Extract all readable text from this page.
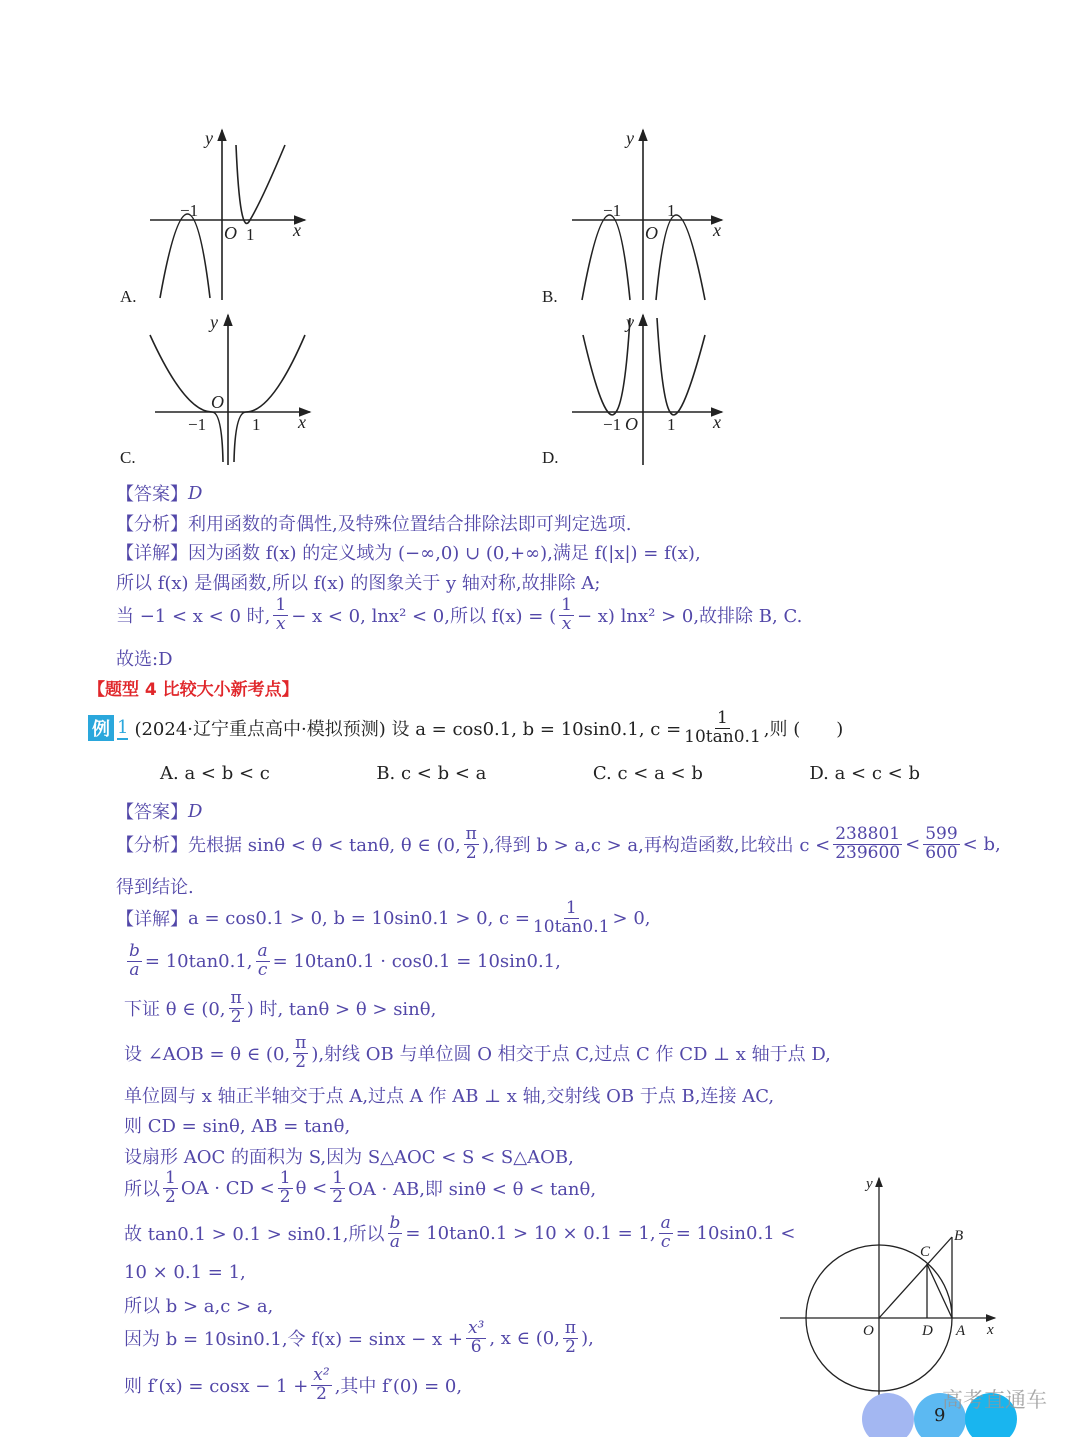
y
x
O
y
x
O
y
x
O
y
x
O
−1
1
−1	1
−1	1	−1	1
A.	B.
C.	D.
【答案】 D
【分析】 利用函数的奇偶性,及特殊位置结合排除法即可判定选项.
【详解】 因为函数 f(x) 的定义域为 (−∞,0) ∪ (0,+∞),满足 f(|x|) = f(x),
所以 f(x) 是偶函数,所以 f(x) 的图象关于 y 轴对称,故排除 A;
当 −1 < x < 0 时,
1
x − x < 0, lnx² < 0,所以 f(x) = (
1
x − x) lnx² > 0,故排除 B, C.
故选:D
【题型 4 比较大小新考点】
例 1 (2024·辽宁重点高中·模拟预测) 设 a = cos0.1, b = 10sin0.1, $c = \frac{1}{10\tan 0.1}$ ,则 (　　)
A. a < b < c	B. c < b < a	C. c < a < b	D. a < c < b
【答案】 D
【分析】 先根据 sinθ < θ < tanθ, θ ∈ (0,
π
2 ),得到 b > a,c > a,再构造函数,比较出 c <
238801
239600 < 599
600 < b,
得到结论.
【详解】 a = cos0.1 > 0, b = 10sin0.1 > 0, $c = \frac{1}{10\tan 0.1} > 0$,
$\frac{b}{a} = 10\tan 0.1$, $\frac{a}{c} = 10\tan 0.1 \cdot \cos 0.1 = 10\sin 0.1$,
下证 θ ∈ (0,
π
2 ) 时, tanθ > θ > sinθ,
设 ∠AOB = θ ∈ (0,
π
2 ),射线 OB 与单位圆 O 相交于点 C,过点 C 作 CD ⊥ x 轴于点 D,
单位圆与 x 轴正半轴交于点 A,过点 A 作 AB ⊥ x 轴,交射线 OB 于点 B,连接 AC,
则 CD = sinθ, AB = tanθ,
设扇形 AOC 的面积为 S,因为 S△AOC < S < S△AOB,
所以
1
2 OA · CD < 1
2 θ < 1
2 OA · AB,即 sinθ < θ < tanθ,
故 tan0.1 > 0.1 > sin0.1,所以 $\frac{b}{a} = 10\tan 0.1 > 10 \times 0.1 = 1$, $\frac{a}{c} = 10\sin 0.1$ <
10 × 0.1 = 1,
所以 b > a,c > a,
因为 b = 10sin0.1,令 $f(x) = \sin x - x + \frac{\text{x³}}{6}$ , x ∈ (0, π
2 ),
则 $f'(x) = \cos x - 1 + \frac{\text{x²}}{2}$ ,其中 f′(0) = 0,
y
x
O	D A
B
C
9
高考直通车
